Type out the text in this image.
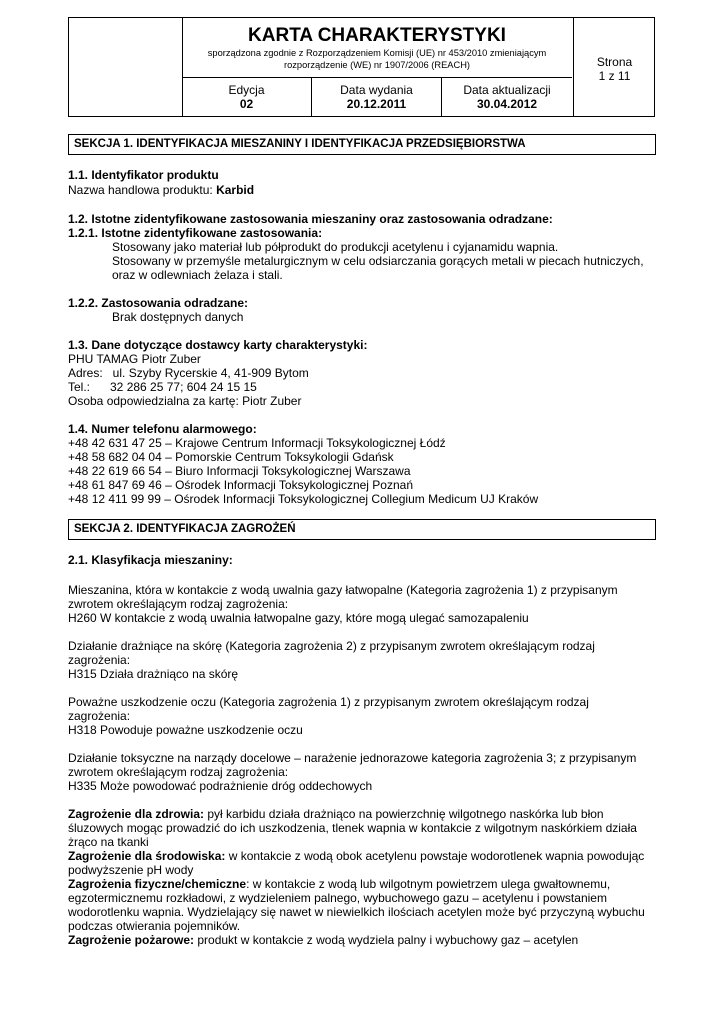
KARTA CHARAKTERYSTYKI
sporządzona zgodnie z Rozporządzeniem Komisji (UE) nr 453/2010 zmieniającym
rozporządzenie (WE) nr 1907/2006 (REACH)
Edycja
02
Data wydania
20.12.2011
Data aktualizacji
30.04.2012
Strona
1 z 11
SEKCJA 1. IDENTYFIKACJA MIESZANINY I IDENTYFIKACJA PRZEDSIĘBIORSTWA
1.1. Identyfikator produktu
Nazwa handlowa produktu: Karbid
1.2. Istotne zidentyfikowane zastosowania mieszaniny oraz zastosowania odradzane:
1.2.1. Istotne zidentyfikowane zastosowania:
Stosowany jako materiał lub półprodukt do produkcji acetylenu i cyjanamidu wapnia.
Stosowany w przemyśle metalurgicznym w celu odsiarczania gorących metali w piecach hutniczych,
oraz w odlewniach żelaza i stali.
1.2.2. Zastosowania odradzane:
Brak dostępnych danych
1.3. Dane dotyczące dostawcy karty charakterystyki:
PHU TAMAG Piotr Zuber
Adres:   ul. Szyby Rycerskie 4, 41-909 Bytom
Tel.:      32 286 25 77; 604 24 15 15
Osoba odpowiedzialna za kartę: Piotr Zuber
1.4. Numer telefonu alarmowego:
+48 42 631 47 25 – Krajowe Centrum Informacji Toksykologicznej Łódź
+48 58 682 04 04 – Pomorskie Centrum Toksykologii Gdańsk
+48 22 619 66 54 – Biuro Informacji Toksykologicznej Warszawa
+48 61 847 69 46 – Ośrodek Informacji Toksykologicznej Poznań
+48 12 411 99 99 – Ośrodek Informacji Toksykologicznej Collegium Medicum UJ Kraków
SEKCJA 2. IDENTYFIKACJA ZAGROŻEŃ
2.1. Klasyfikacja mieszaniny:
Mieszanina, która w kontakcie z wodą uwalnia gazy łatwopalne (Kategoria zagrożenia 1) z przypisanym
zwrotem określającym rodzaj zagrożenia:
H260 W kontakcie z wodą uwalnia łatwopalne gazy, które mogą ulegać samozapaleniu
Działanie drażniące na skórę (Kategoria zagrożenia 2) z przypisanym zwrotem określającym rodzaj
zagrożenia:
H315 Działa drażniąco na skórę
Poważne uszkodzenie oczu (Kategoria zagrożenia 1) z przypisanym zwrotem określającym rodzaj
zagrożenia:
H318 Powoduje poważne uszkodzenie oczu
Działanie toksyczne na narządy docelowe – narażenie jednorazowe kategoria zagrożenia 3; z przypisanym
zwrotem określającym rodzaj zagrożenia:
H335 Może powodować podrażnienie dróg oddechowych
Zagrożenie dla zdrowia: pył karbidu działa drażniąco na powierzchnię wilgotnego naskórka lub błon
śluzowych mogąc prowadzić do ich uszkodzenia, tlenek wapnia w kontakcie z wilgotnym naskórkiem działa
żrąco na tkanki
Zagrożenie dla środowiska: w kontakcie z wodą obok acetylenu powstaje wodorotlenek wapnia powodując
podwyższenie pH wody
Zagrożenia fizyczne/chemiczne: w kontakcie z wodą lub wilgotnym powietrzem ulega gwałtownemu,
egzotermicznemu rozkładowi, z wydzieleniem palnego, wybuchowego gazu – acetylenu i powstaniem
wodorotlenku wapnia. Wydzielający się nawet w niewielkich ilościach acetylen może być przyczyną wybuchu
podczas otwierania pojemników.
Zagrożenie pożarowe: produkt w kontakcie z wodą wydziela palny i wybuchowy gaz – acetylen
